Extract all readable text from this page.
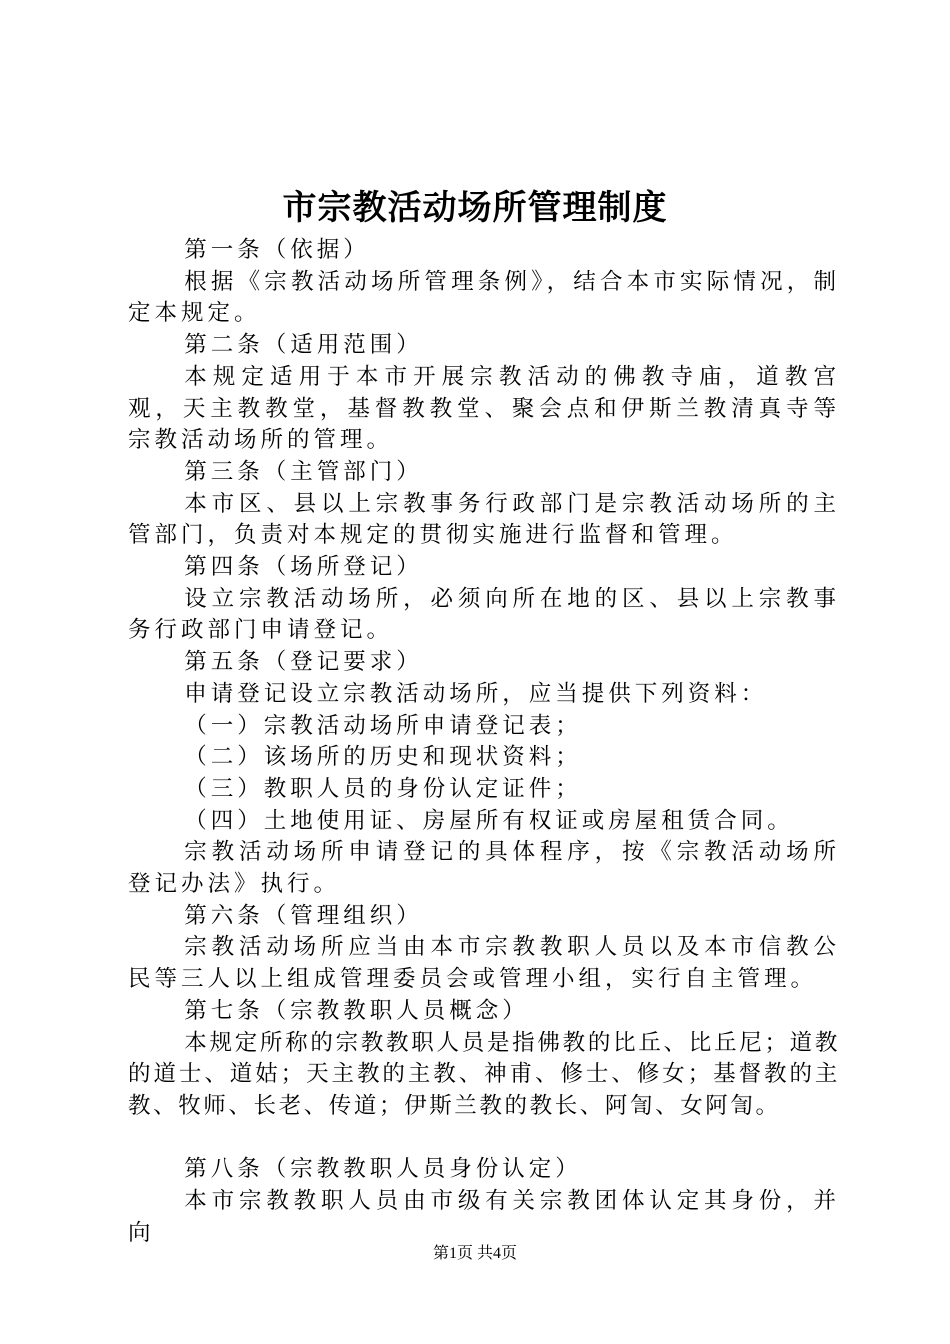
市宗教活动场所管理制度

第一条（依据）

根据《宗教活动场所管理条例》，结合本市实际情况，制定本规定。

第二条（适用范围）

本规定适用于本市开展宗教活动的佛教寺庙，道教宫观，天主教教堂，基督教教堂、聚会点和伊斯兰教清真寺等宗教活动场所的管理。

第三条（主管部门）

本市区、县以上宗教事务行政部门是宗教活动场所的主管部门，负责对本规定的贯彻实施进行监督和管理。

第四条（场所登记）

设立宗教活动场所，必须向所在地的区、县以上宗教事务行政部门申请登记。

第五条（登记要求）

申请登记设立宗教活动场所，应当提供下列资料：

（一）宗教活动场所申请登记表；

（二）该场所的历史和现状资料；

（三）教职人员的身份认定证件；

（四）土地使用证、房屋所有权证或房屋租赁合同。

宗教活动场所申请登记的具体程序，按《宗教活动场所登记办法》执行。

第六条（管理组织）

宗教活动场所应当由本市宗教教职人员以及本市信教公民等三人以上组成管理委员会或管理小组，实行自主管理。

第七条（宗教教职人员概念）

本规定所称的宗教教职人员是指佛教的比丘、比丘尼；道教的道士、道姑；天主教的主教、神甫、修士、修女；基督教的主教、牧师、长老、传道；伊斯兰教的教长、阿訇、女阿訇。

第八条（宗教教职人员身份认定）

本市宗教教职人员由市级有关宗教团体认定其身份，并向

第1页 共4页
